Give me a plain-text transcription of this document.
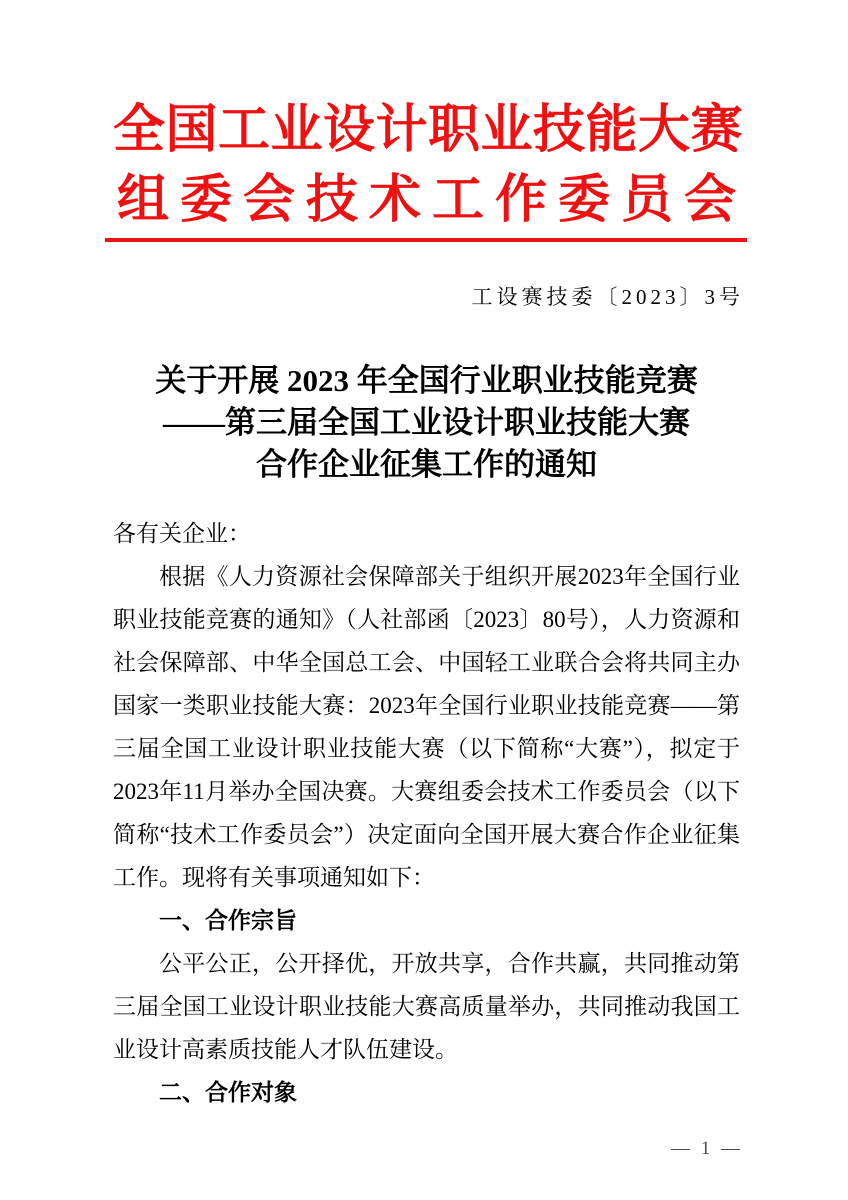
全国工业设计职业技能大赛
组委会技术工作委员会
工设赛技委〔2023〕3号
关于开展 2023 年全国行业职业技能竞赛
——第三届全国工业设计职业技能大赛
合作企业征集工作的通知

各有关企业：

根据《人力资源社会保障部关于组织开展2023年全国行业职业技能竞赛的通知》（人社部函〔2023〕80号），人力资源和社会保障部、中华全国总工会、中国轻工业联合会将共同主办国家一类职业技能大赛：2023年全国行业职业技能竞赛——第三届全国工业设计职业技能大赛（以下简称“大赛”），拟定于2023年11月举办全国决赛。大赛组委会技术工作委员会（以下简称“技术工作委员会”）决定面向全国开展大赛合作企业征集工作。现将有关事项通知如下：

一、合作宗旨

公平公正，公开择优，开放共享，合作共赢，共同推动第三届全国工业设计职业技能大赛高质量举办，共同推动我国工业设计高素质技能人才队伍建设。

二、合作对象
— 1 —
